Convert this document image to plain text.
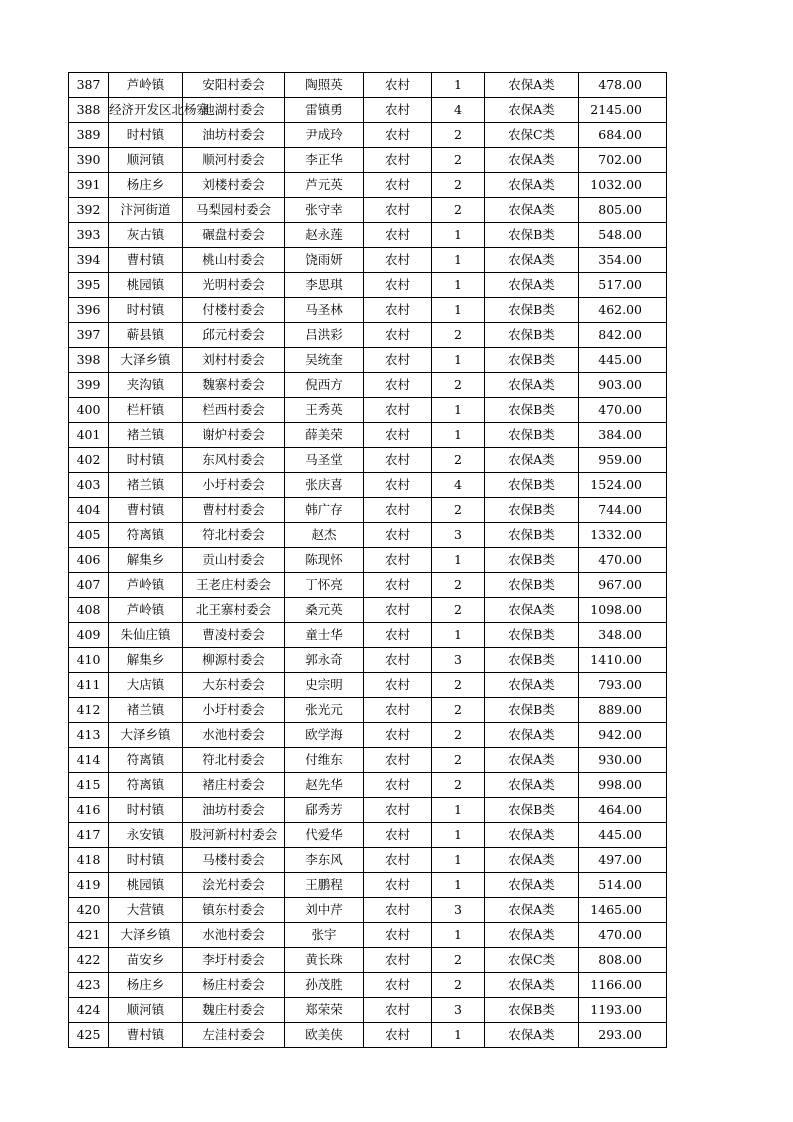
387	芦岭镇	安阳村委会	陶照英	农村	1	农保A类	478.00
388	经济开发区北杨寨	池湖村委会	雷镇勇	农村	4	农保A类	2145.00
389	时村镇	油坊村委会	尹成玲	农村	2	农保C类	684.00
390	顺河镇	顺河村委会	李正华	农村	2	农保A类	702.00
391	杨庄乡	刘楼村委会	芦元英	农村	2	农保A类	1032.00
392	汴河街道	马梨园村委会	张守幸	农村	2	农保A类	805.00
393	灰古镇	碾盘村委会	赵永莲	农村	1	农保B类	548.00
394	曹村镇	桃山村委会	饶雨妍	农村	1	农保A类	354.00
395	桃园镇	光明村委会	李思琪	农村	1	农保A类	517.00
396	时村镇	付楼村委会	马圣林	农村	1	农保B类	462.00
397	蕲县镇	邱元村委会	吕洪彩	农村	2	农保B类	842.00
398	大泽乡镇	刘村村委会	吴统奎	农村	1	农保B类	445.00
399	夹沟镇	魏寨村委会	倪西方	农村	2	农保A类	903.00
400	栏杆镇	栏西村委会	王秀英	农村	1	农保B类	470.00
401	褚兰镇	谢炉村委会	薛美荣	农村	1	农保B类	384.00
402	时村镇	东风村委会	马圣堂	农村	2	农保A类	959.00
403	褚兰镇	小圩村委会	张庆喜	农村	4	农保B类	1524.00
404	曹村镇	曹村村委会	韩广存	农村	2	农保B类	744.00
405	符离镇	符北村委会	赵杰	农村	3	农保B类	1332.00
406	解集乡	贡山村委会	陈现怀	农村	1	农保B类	470.00
407	芦岭镇	王老庄村委会	丁怀亮	农村	2	农保B类	967.00
408	芦岭镇	北王寨村委会	桑元英	农村	2	农保A类	1098.00
409	朱仙庄镇	曹凌村委会	童士华	农村	1	农保B类	348.00
410	解集乡	柳源村委会	郭永奇	农村	3	农保B类	1410.00
411	大店镇	大东村委会	史宗明	农村	2	农保A类	793.00
412	褚兰镇	小圩村委会	张光元	农村	2	农保B类	889.00
413	大泽乡镇	水池村委会	欧学海	农村	2	农保A类	942.00
414	符离镇	符北村委会	付维东	农村	2	农保A类	930.00
415	符离镇	褚庄村委会	赵先华	农村	2	农保A类	998.00
416	时村镇	油坊村委会	郈秀芳	农村	1	农保B类	464.00
417	永安镇	股河新村村委会	代爱华	农村	1	农保A类	445.00
418	时村镇	马楼村委会	李东风	农村	1	农保A类	497.00
419	桃园镇	浍光村委会	王鹏程	农村	1	农保A类	514.00
420	大营镇	镇东村委会	刘中芹	农村	3	农保A类	1465.00
421	大泽乡镇	水池村委会	张宇	农村	1	农保A类	470.00
422	苗安乡	李圩村委会	黄长珠	农村	2	农保C类	808.00
423	杨庄乡	杨庄村委会	孙茂胜	农村	2	农保A类	1166.00
424	顺河镇	魏庄村委会	郑荣荣	农村	3	农保B类	1193.00
425	曹村镇	左洼村委会	欧美侠	农村	1	农保A类	293.00
